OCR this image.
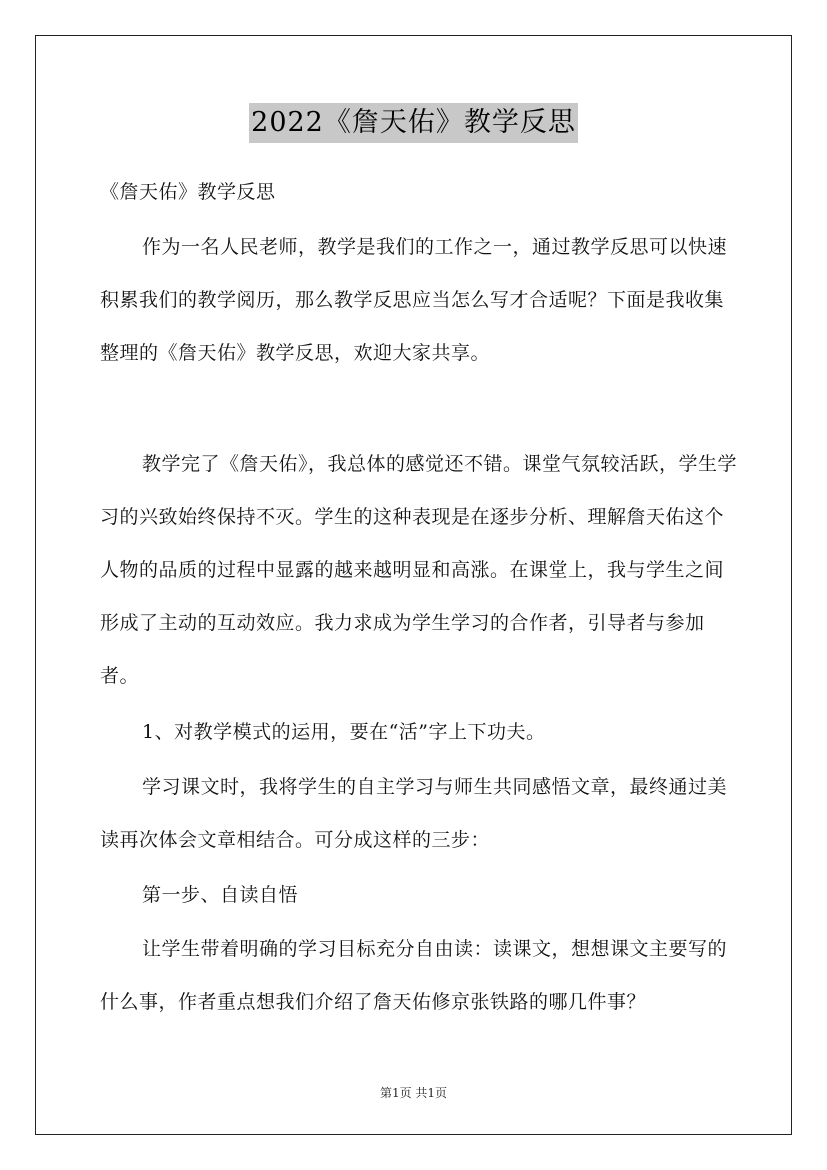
2022《詹天佑》教学反思

《詹天佑》教学反思

作为一名人民老师，教学是我们的工作之一，通过教学反思可以快速积累我们的教学阅历，那么教学反思应当怎么写才合适呢？下面是我收集整理的《詹天佑》教学反思，欢迎大家共享。

教学完了《詹天佑》，我总体的感觉还不错。课堂气氛较活跃，学生学习的兴致始终保持不灭。学生的这种表现是在逐步分析、理解詹天佑这个人物的品质的过程中显露的越来越明显和高涨。在课堂上，我与学生之间形成了主动的互动效应。我力求成为学生学习的合作者，引导者与参加者。

1、对教学模式的运用，要在“活”字上下功夫。

学习课文时，我将学生的自主学习与师生共同感悟文章，最终通过美读再次体会文章相结合。可分成这样的三步：

第一步、自读自悟

让学生带着明确的学习目标充分自由读：读课文，想想课文主要写的什么事，作者重点想我们介绍了詹天佑修京张铁路的哪几件事？

第1页 共1页
